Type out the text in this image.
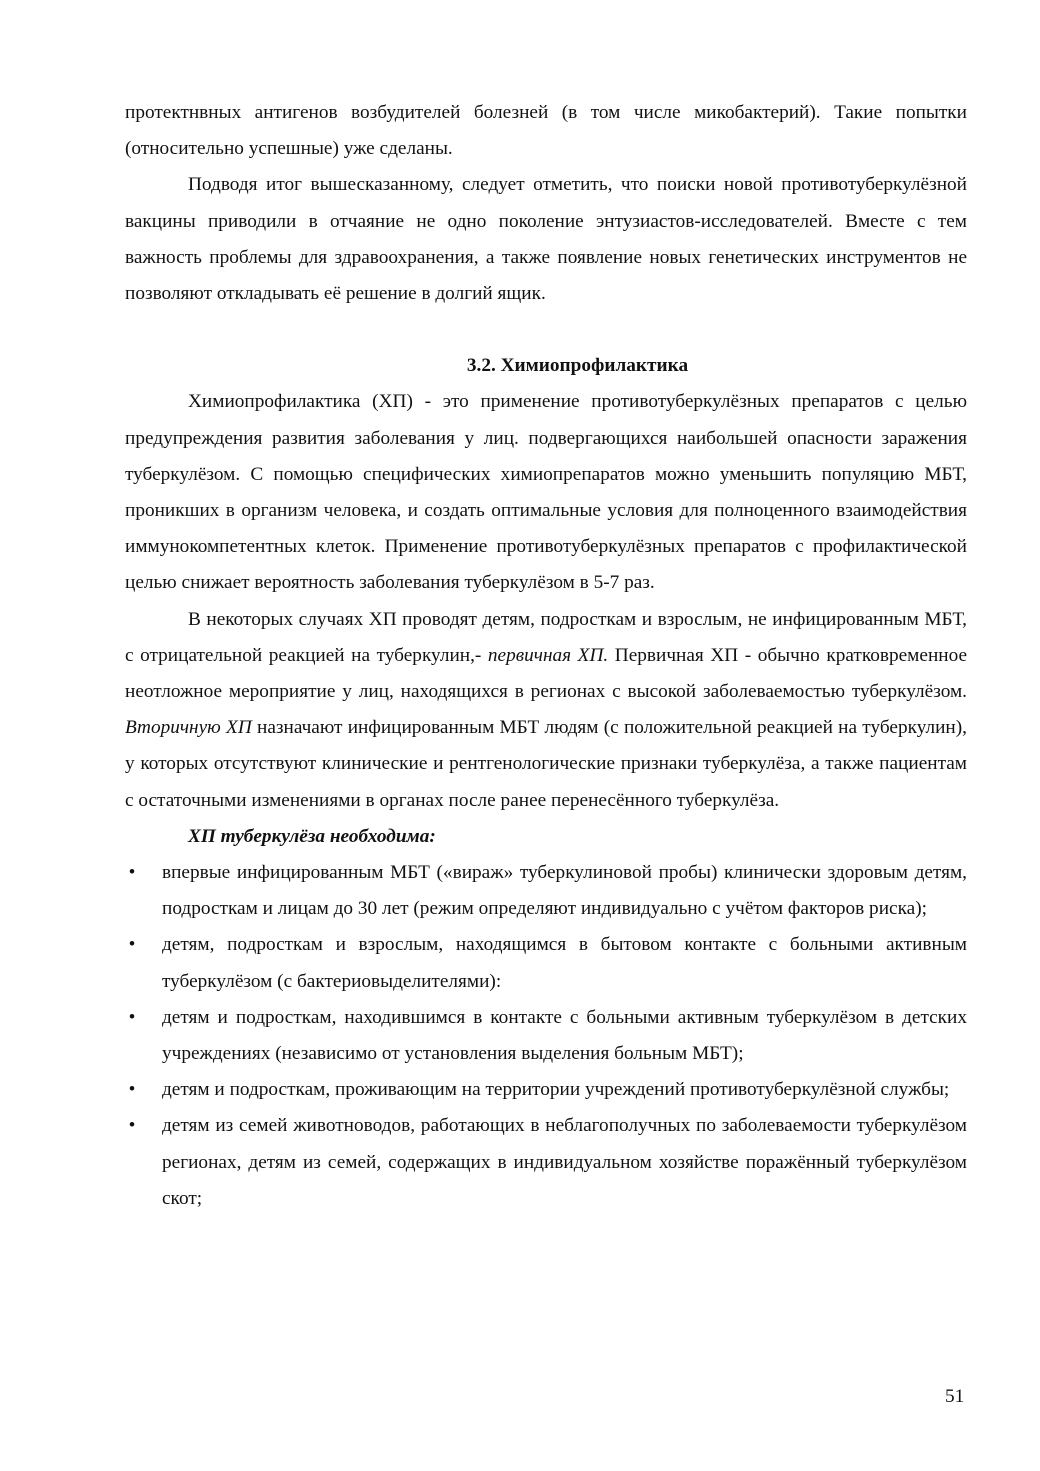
протектнвных антигенов возбудителей болезней (в том числе микобактерий). Такие попытки (относительно успешные) уже сделаны.

Подводя итог вышесказанному, следует отметить, что поиски новой противотуберкулёзной вакцины приводили в отчаяние не одно поколение энтузиастов-исследователей. Вместе с тем важность проблемы для здравоохранения, а также появление новых генетических инструментов не позволяют откладывать её решение в долгий ящик.

3.2. Химиопрофилактика

Химиопрофилактика (ХП) - это применение противотуберкулёзных препаратов с целью предупреждения развития заболевания у лиц. подвергающихся наибольшей опасности заражения туберкулёзом. С помощью специфических химиопрепаратов можно уменьшить популяцию МБТ, проникших в организм человека, и создать оптимальные условия для полноценного взаимодействия иммунокомпетентных клеток. Применение противотуберкулёзных препаратов с профилактической целью снижает вероятность заболевания туберкулёзом в 5-7 раз.

В некоторых случаях ХП проводят детям, подросткам и взрослым, не инфицированным МБТ, с отрицательной реакцией на туберкулин,- первичная ХП. Первичная ХП - обычно кратковременное неотложное мероприятие у лиц, находящихся в регионах с высокой заболеваемостью туберкулёзом. Вторичную ХП назначают инфицированным МБТ людям (с положительной реакцией на туберкулин), у которых отсутствуют клинические и рентгенологические признаки туберкулёза, а также пациентам с остаточными изменениями в органах после ранее перенесённого туберкулёза.

ХП туберкулёза необходима:
• впервые инфицированным МБТ («вираж» туберкулиновой пробы) клинически здоровым детям, подросткам и лицам до 30 лет (режим определяют индивидуально с учётом факторов риска);
• детям, подросткам и взрослым, находящимся в бытовом контакте с больными активным туберкулёзом (с бактериовыделителями):
• детям и подросткам, находившимся в контакте с больными активным туберкулёзом в детских учреждениях (независимо от установления выделения больным МБТ);
• детям и подросткам, проживающим на территории учреждений противотуберкулёзной службы;
• детям из семей животноводов, работающих в неблагополучных по заболеваемости туберкулёзом регионах, детям из семей, содержащих в индивидуальном хозяйстве поражённый туберкулёзом скот;
51
